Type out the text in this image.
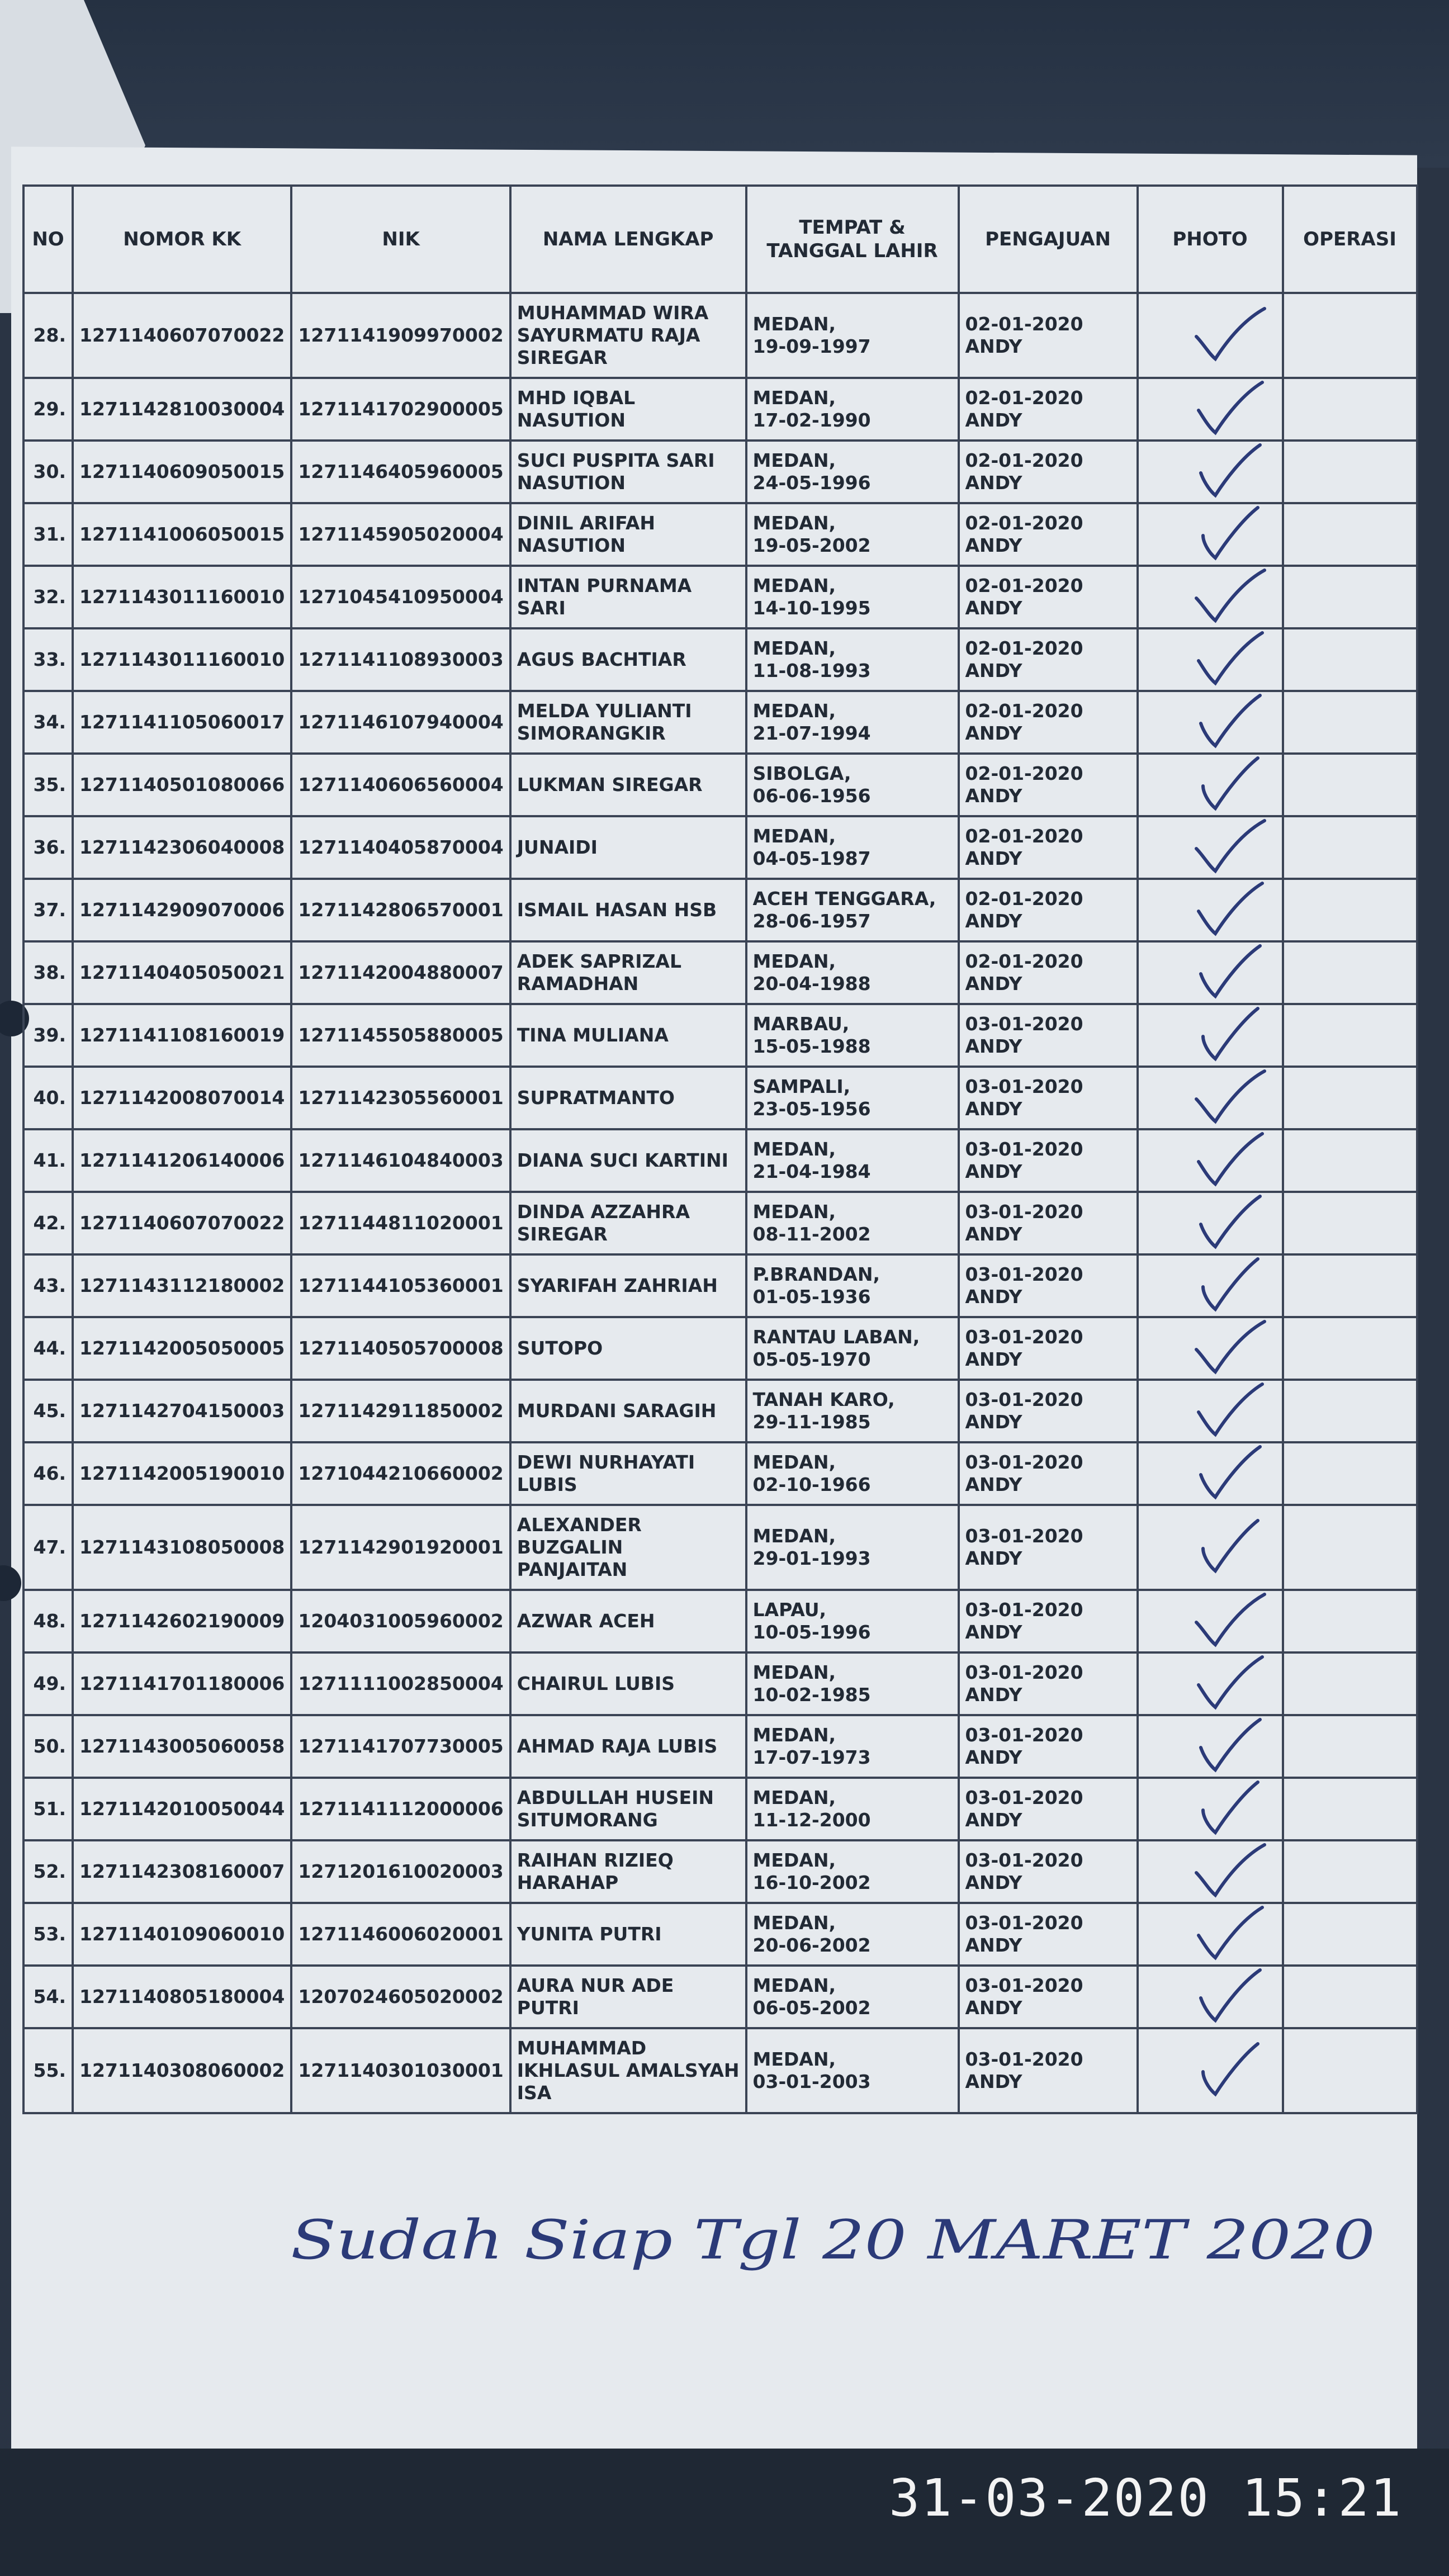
NO	NOMOR KK	NIK	NAMA LENGKAP	TEMPAT &
TANGGAL LAHIR	PENGAJUAN	PHOTO	OPERASI
28.	1271140607070022	1271141909970002	MUHAMMAD WIRA
SAYURMATU RAJA
SIREGAR	MEDAN,
19-09-1997	02-01-2020
ANDY

29.	1271142810030004	1271141702900005	MHD IQBAL
NASUTION	MEDAN,
17-02-1990	02-01-2020
ANDY

30.	1271140609050015	1271146405960005	SUCI PUSPITA SARI
NASUTION	MEDAN,
24-05-1996	02-01-2020
ANDY

31.	1271141006050015	1271145905020004	DINIL ARIFAH
NASUTION	MEDAN,
19-05-2002	02-01-2020
ANDY

32.	1271143011160010	1271045410950004	INTAN PURNAMA
SARI	MEDAN,
14-10-1995	02-01-2020
ANDY

33.	1271143011160010	1271141108930003	AGUS BACHTIAR	MEDAN,
11-08-1993	02-01-2020
ANDY

34.	1271141105060017	1271146107940004	MELDA YULIANTI
SIMORANGKIR	MEDAN,
21-07-1994	02-01-2020
ANDY

35.	1271140501080066	1271140606560004	LUKMAN SIREGAR	SIBOLGA,
06-06-1956	02-01-2020
ANDY

36.	1271142306040008	1271140405870004	JUNAIDI	MEDAN,
04-05-1987	02-01-2020
ANDY

37.	1271142909070006	1271142806570001	ISMAIL HASAN HSB	ACEH TENGGARA,
28-06-1957	02-01-2020
ANDY

38.	1271140405050021	1271142004880007	ADEK SAPRIZAL
RAMADHAN	MEDAN,
20-04-1988	02-01-2020
ANDY

39.	1271141108160019	1271145505880005	TINA MULIANA	MARBAU,
15-05-1988	03-01-2020
ANDY

40.	1271142008070014	1271142305560001	SUPRATMANTO	SAMPALI,
23-05-1956	03-01-2020
ANDY

41.	1271141206140006	1271146104840003	DIANA SUCI KARTINI	MEDAN,
21-04-1984	03-01-2020
ANDY

42.	1271140607070022	1271144811020001	DINDA AZZAHRA
SIREGAR	MEDAN,
08-11-2002	03-01-2020
ANDY

43.	1271143112180002	1271144105360001	SYARIFAH ZAHRIAH	P.BRANDAN,
01-05-1936	03-01-2020
ANDY

44.	1271142005050005	1271140505700008	SUTOPO	RANTAU LABAN,
05-05-1970	03-01-2020
ANDY

45.	1271142704150003	1271142911850002	MURDANI SARAGIH	TANAH KARO,
29-11-1985	03-01-2020
ANDY

46.	1271142005190010	1271044210660002	DEWI NURHAYATI
LUBIS	MEDAN,
02-10-1966	03-01-2020
ANDY

47.	1271143108050008	1271142901920001	ALEXANDER
BUZGALIN
PANJAITAN	MEDAN,
29-01-1993	03-01-2020
ANDY

48.	1271142602190009	1204031005960002	AZWAR ACEH	LAPAU,
10-05-1996	03-01-2020
ANDY

49.	1271141701180006	1271111002850004	CHAIRUL LUBIS	MEDAN,
10-02-1985	03-01-2020
ANDY

50.	1271143005060058	1271141707730005	AHMAD RAJA LUBIS	MEDAN,
17-07-1973	03-01-2020
ANDY

51.	1271142010050044	1271141112000006	ABDULLAH HUSEIN
SITUMORANG	MEDAN,
11-12-2000	03-01-2020
ANDY

52.	1271142308160007	1271201610020003	RAIHAN RIZIEQ
HARAHAP	MEDAN,
16-10-2002	03-01-2020
ANDY

53.	1271140109060010	1271146006020001	YUNITA PUTRI	MEDAN,
20-06-2002	03-01-2020
ANDY

54.	1271140805180004	1207024605020002	AURA NUR ADE
PUTRI	MEDAN,
06-05-2002	03-01-2020
ANDY

55.	1271140308060002	1271140301030001	MUHAMMAD
IKHLASUL AMALSYAH
ISA	MEDAN,
03-01-2003	03-01-2020
ANDY

Sudah Siap Tgl 20 MARET 2020
31-03-2020 15:21
